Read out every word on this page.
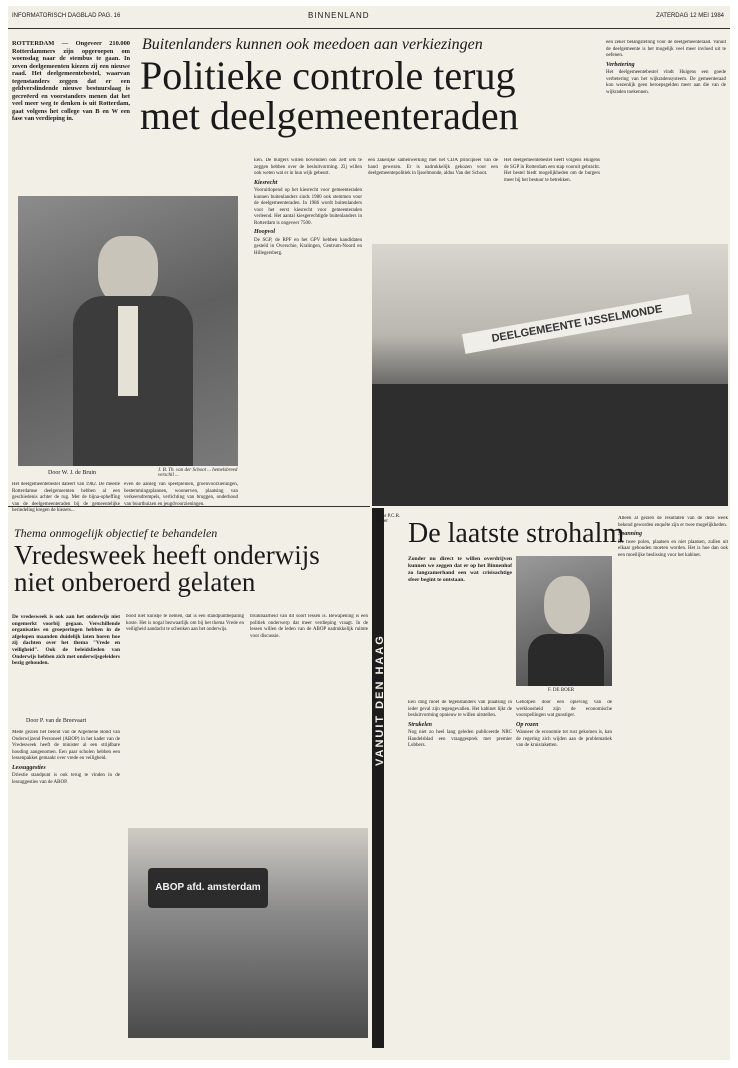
INFORMATORISCH DAGBLAD PAG. 16	BINNENLAND	ZATERDAG 12 MEI 1984
ROTTERDAM — Ongeveer 210.000 Rotterdammers zijn opgeroepen om woensdag naar de stembus te gaan. In zeven deelgemeenten kiezen zij een nieuwe raad. Het deelgemeentebestel, waarvan tegenstanders zeggen dat er een geldverslindende nieuwe bestuurslaag is gecreëerd en voorstanders menen dat het veel meer weg te denken is uit Rotterdam, gaat volgens het college van B en W een fase van verdieping in.
Buitenlanders kunnen ook meedoen aan verkiezingen
Politieke controle terug met deelgemeenteraden
J. B. Th. van der Schoot ... hemelsbreed verschil ...
Door W. J. de Bruin
Het deelgemeentebestel dateert van 1982. De meeste Rotterdamse deelgemeenten hebben al een geschiedenis achter de rug. Met de bijna-opheffing van de deelgemeenteraden bij de gemeentelijke herindeling kregen de kiezers...
even de aanleg van speelpleinen, groenvoorzieningen, bestemmingsplannen, woonerven, plaatsing van verkeersdrempels, verlichting van bruggen, onderhoud van buurthuizen en jeugdvoorzieningen.
Een. De burgers willen bovendien ook zelf iets te zeggen hebben over de besluitvorming. Zij willen ook weten wat er in hun wijk gebeurt.
Kiesrecht
Vooruitlopend op het kiesrecht voor gemeenteraden kunnen buitenlanders sinds 1980 ook stemmen voor de deelgemeenteraden. In 1986 wordt buitenlanders voor het eerst kiesrecht voor gemeenteraden verleend. Het aantal kiesgerechtigde buitenlanders in Rotterdam is ongeveer 7500.
Hoopvol
De SGP, de RPF en het GPV hebben kandidaten gesteld in Overschie, Kralingen, Centrum-Noord en Hillegersberg.
een zakelijke samenwerking met het CDA principieel van de hand gewezen. Er is nadrukkelijk gekozen voor een deelgemeentepolitiek in Ijsselmonde, aldus Van der Schoot.
Het deelgemeentebestel heeft volgens Huigens de SGP in Rotterdam een stap vooruit gebracht. Het bestel biedt mogelijkheden om de burgers meer bij het bestuur te betrekken.
een zeker belangstelling voor de deelgemeenteraad. Vanuit de deelgemeente is het mogelijk veel meer invloed uit te oefenen.
Verbetering
Het deelgemeentebestel vindt Huigens een goede verbetering van het wijkradensysteem. De gemeenteraad kon wezenlijk geen beroepsgelden meer aan die van de wijkraden toekennen.
DEELGEMEENTE IJSSELMONDE
Thema onmogelijk objectief te behandelen
Vredesweek heeft onderwijs niet onberoerd gelaten
De vredesweek is ook aan het onderwijs niet ongemerkt voorbij gegaan. Verschillende organisaties en groeperingen hebben in de afgelopen maanden duidelijk laten horen hoe zij dachten over het thema "Vrede en veiligheid". Ook de beleidslieden van Onderwijs hebben zich met onderwijsgeleiders bezig gehouden.
Door P. van de Breevaart
Mede gezien het beleid van de Algemene Bond van Onderwijzend Personeel (ABOP) in het kader van de Vredesweek heeft de minister al een strijdbare houding aangenomen. Een paar scholen hebben een lessenpakket gemaakt over vrede en veiligheid.
Lessuggesties
Driestie standpunt is ook terug te vinden in de lessuggesties van de ABOP.
bood niet kunstje te nemen, dat is een standpuntbepaling koste. Het is nogal bezwaarlijk om bij het thema Vrede en veiligheid aandacht te schenken aan het onderwijs.
bruikbaarheid van dit soort lessen is. Bewapening is een politiek onderwerp dat meer verdieping vraagt. In de lessen willen de leden van de ABOP nadrukkelijk ruimte voor discussie.
ABOP afd. amsterdam
VANUIT DEN HAAG
Door P.C.R. Beker De laatste strohalm
Zonder nu direct te willen overdrijven kunnen we zeggen dat er op het Binnenhof zo langzamerhand een wat crisisachtige sfeer begint te ontstaan.
F. DE BOER
Een ding moet de tegenstanders van plaatsing in ieder geval zijn tegengevallen. Het kabinet lijkt de besluitvorming opnieuw te willen uitstellen.
Strukelen
Nog niet zo heel lang geleden publiceerde NRC Handelsblad een vraaggesprek met premier Lubbers.
Geholpen door een opleving van de werkloosheid zijn de economische voorspellingen wat gunstiger.
Op rozen
Wanneer de economie tot rust gekomen is, kan de regering zich wijden aan de problematiek van de kruisraketten.
Alleen al gezien de resultaten van de deze week bekend geworden enquête zijn er twee mogelijkheden.
Spanning
De twee polen, plaatsen en niet plaatsen, zullen uit elkaar gehouden moeten worden. Het is hoe dan ook een moeilijke beslissing voor het kabinet.
